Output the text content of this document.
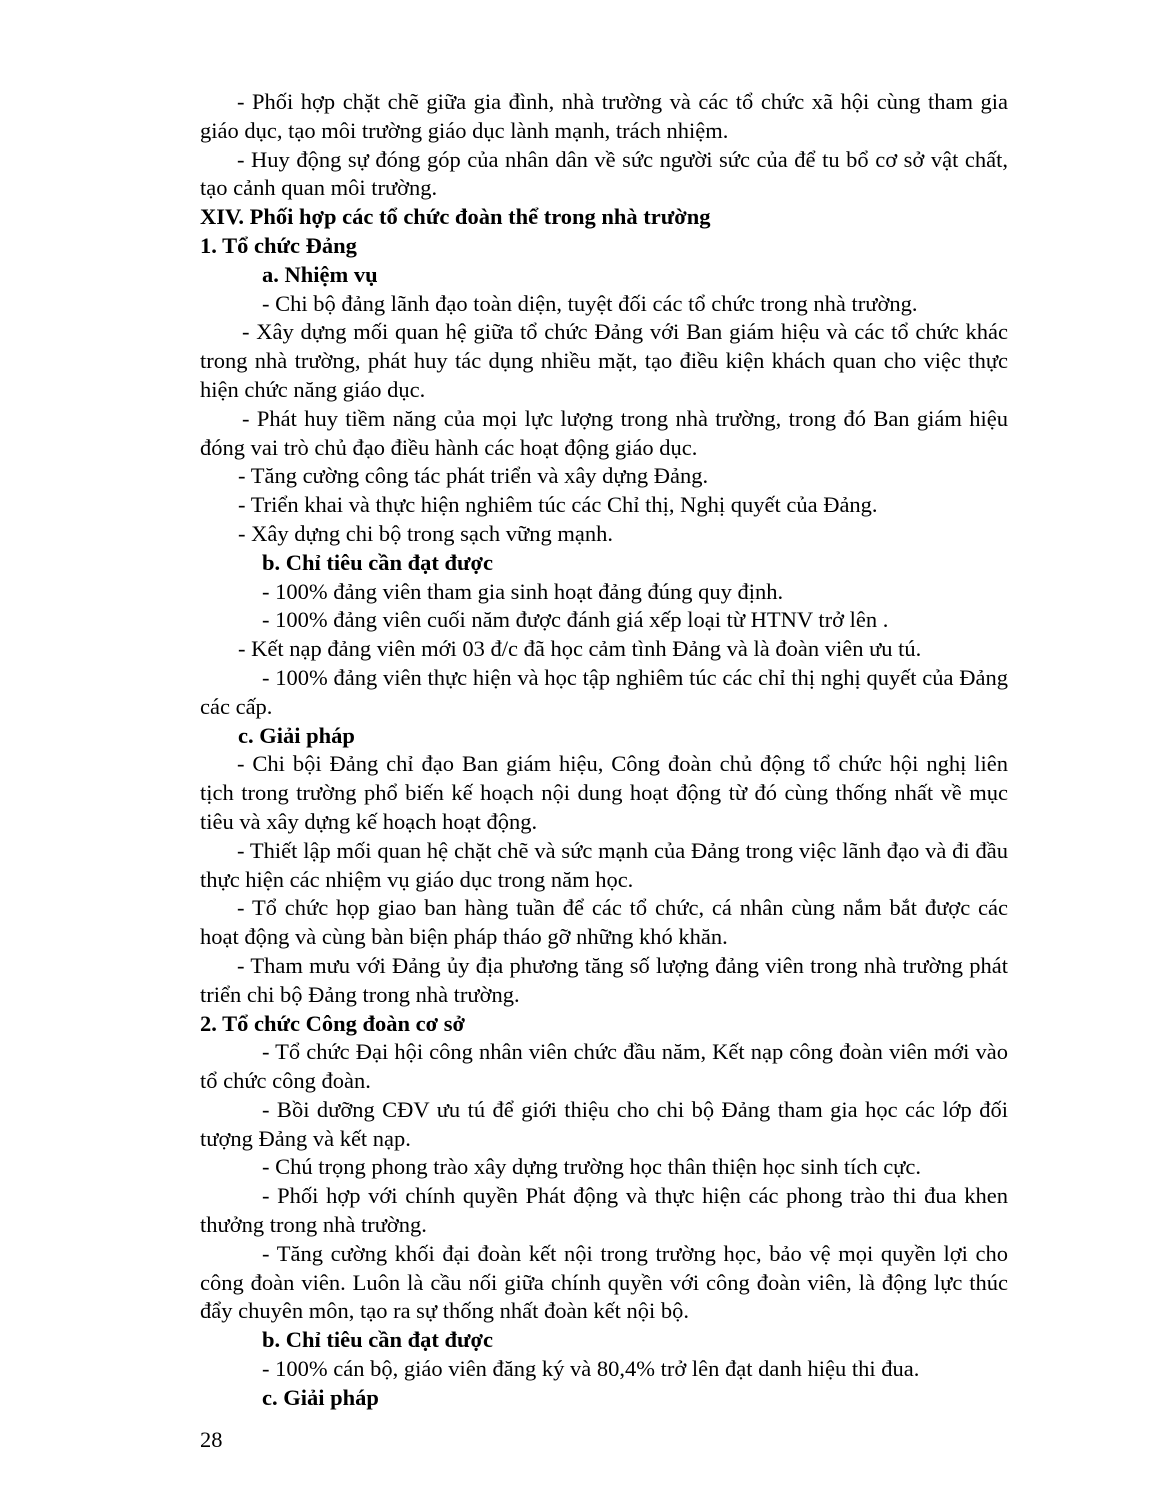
- Phối hợp chặt chẽ giữa gia đình, nhà trường và các tổ chức xã hội cùng tham gia giáo dục, tạo môi trường giáo dục lành mạnh, trách nhiệm.

- Huy động sự đóng góp của nhân dân về sức người sức của để tu bổ cơ sở vật chất, tạo cảnh quan môi trường.

XIV. Phối hợp các tổ chức đoàn thể trong nhà trường

1. Tổ chức Đảng

a. Nhiệm vụ

- Chi bộ đảng lãnh đạo toàn diện, tuyệt đối các tổ chức trong nhà trường.

- Xây dựng mối quan hệ giữa tổ chức Đảng với Ban giám hiệu và các tổ chức khác trong nhà trường, phát huy tác dụng nhiều mặt, tạo điều kiện khách quan cho việc thực hiện chức năng giáo dục.

- Phát huy tiềm năng của mọi lực lượng trong nhà trường, trong đó Ban giám hiệu đóng vai trò chủ đạo điều hành các hoạt động giáo dục.

- Tăng cường công tác phát triển và xây dựng Đảng.

- Triển khai và thực hiện nghiêm túc các Chỉ thị, Nghị quyết của Đảng.

- Xây dựng chi bộ trong sạch vững mạnh.

b. Chỉ tiêu cần đạt được

- 100% đảng viên tham gia sinh hoạt đảng đúng quy định.

- 100% đảng viên cuối năm được đánh giá xếp loại từ HTNV trở lên .

- Kết nạp đảng viên mới 03 đ/c đã học cảm tình Đảng và là đoàn viên ưu tú.

- 100% đảng viên thực hiện và học tập nghiêm túc các chỉ thị nghị quyết của Đảng các cấp.

c. Giải pháp

- Chi bội Đảng chỉ đạo Ban giám hiệu, Công đoàn chủ động tổ chức hội nghị liên tịch trong trường phổ biến kế hoạch nội dung hoạt động từ đó cùng thống nhất về mục tiêu và xây dựng kế hoạch hoạt động.

- Thiết lập mối quan hệ chặt chẽ và sức mạnh của Đảng trong việc lãnh đạo và đi đầu thực hiện các nhiệm vụ giáo dục trong năm học.

- Tổ chức họp giao ban hàng tuần để các tổ chức, cá nhân cùng nắm bắt được các hoạt động và cùng bàn biện pháp tháo gỡ những khó khăn.

- Tham mưu với Đảng ủy địa phương tăng số lượng đảng viên trong nhà trường phát triển chi bộ Đảng trong nhà trường.

2. Tổ chức Công đoàn cơ sở

- Tổ chức Đại hội công nhân viên chức đầu năm, Kết nạp công đoàn viên mới vào tổ chức công đoàn.

- Bồi dưỡng CĐV ưu tú để giới thiệu cho chi bộ Đảng tham gia học các lớp đối tượng Đảng và kết nạp.

- Chú trọng phong trào xây dựng trường học thân thiện học sinh tích cực.

- Phối hợp với chính quyền Phát động và thực hiện các phong trào thi đua khen thưởng trong nhà trường.

- Tăng cường khối đại đoàn kết nội trong trường học, bảo vệ mọi quyền lợi cho công đoàn viên. Luôn là cầu nối giữa chính quyền với công đoàn viên, là động lực thúc đẩy chuyên môn, tạo ra sự thống nhất đoàn kết nội bộ.

b. Chỉ tiêu cần đạt được

- 100% cán bộ, giáo viên đăng ký và 80,4% trở lên đạt danh hiệu thi đua.

c. Giải pháp

28
